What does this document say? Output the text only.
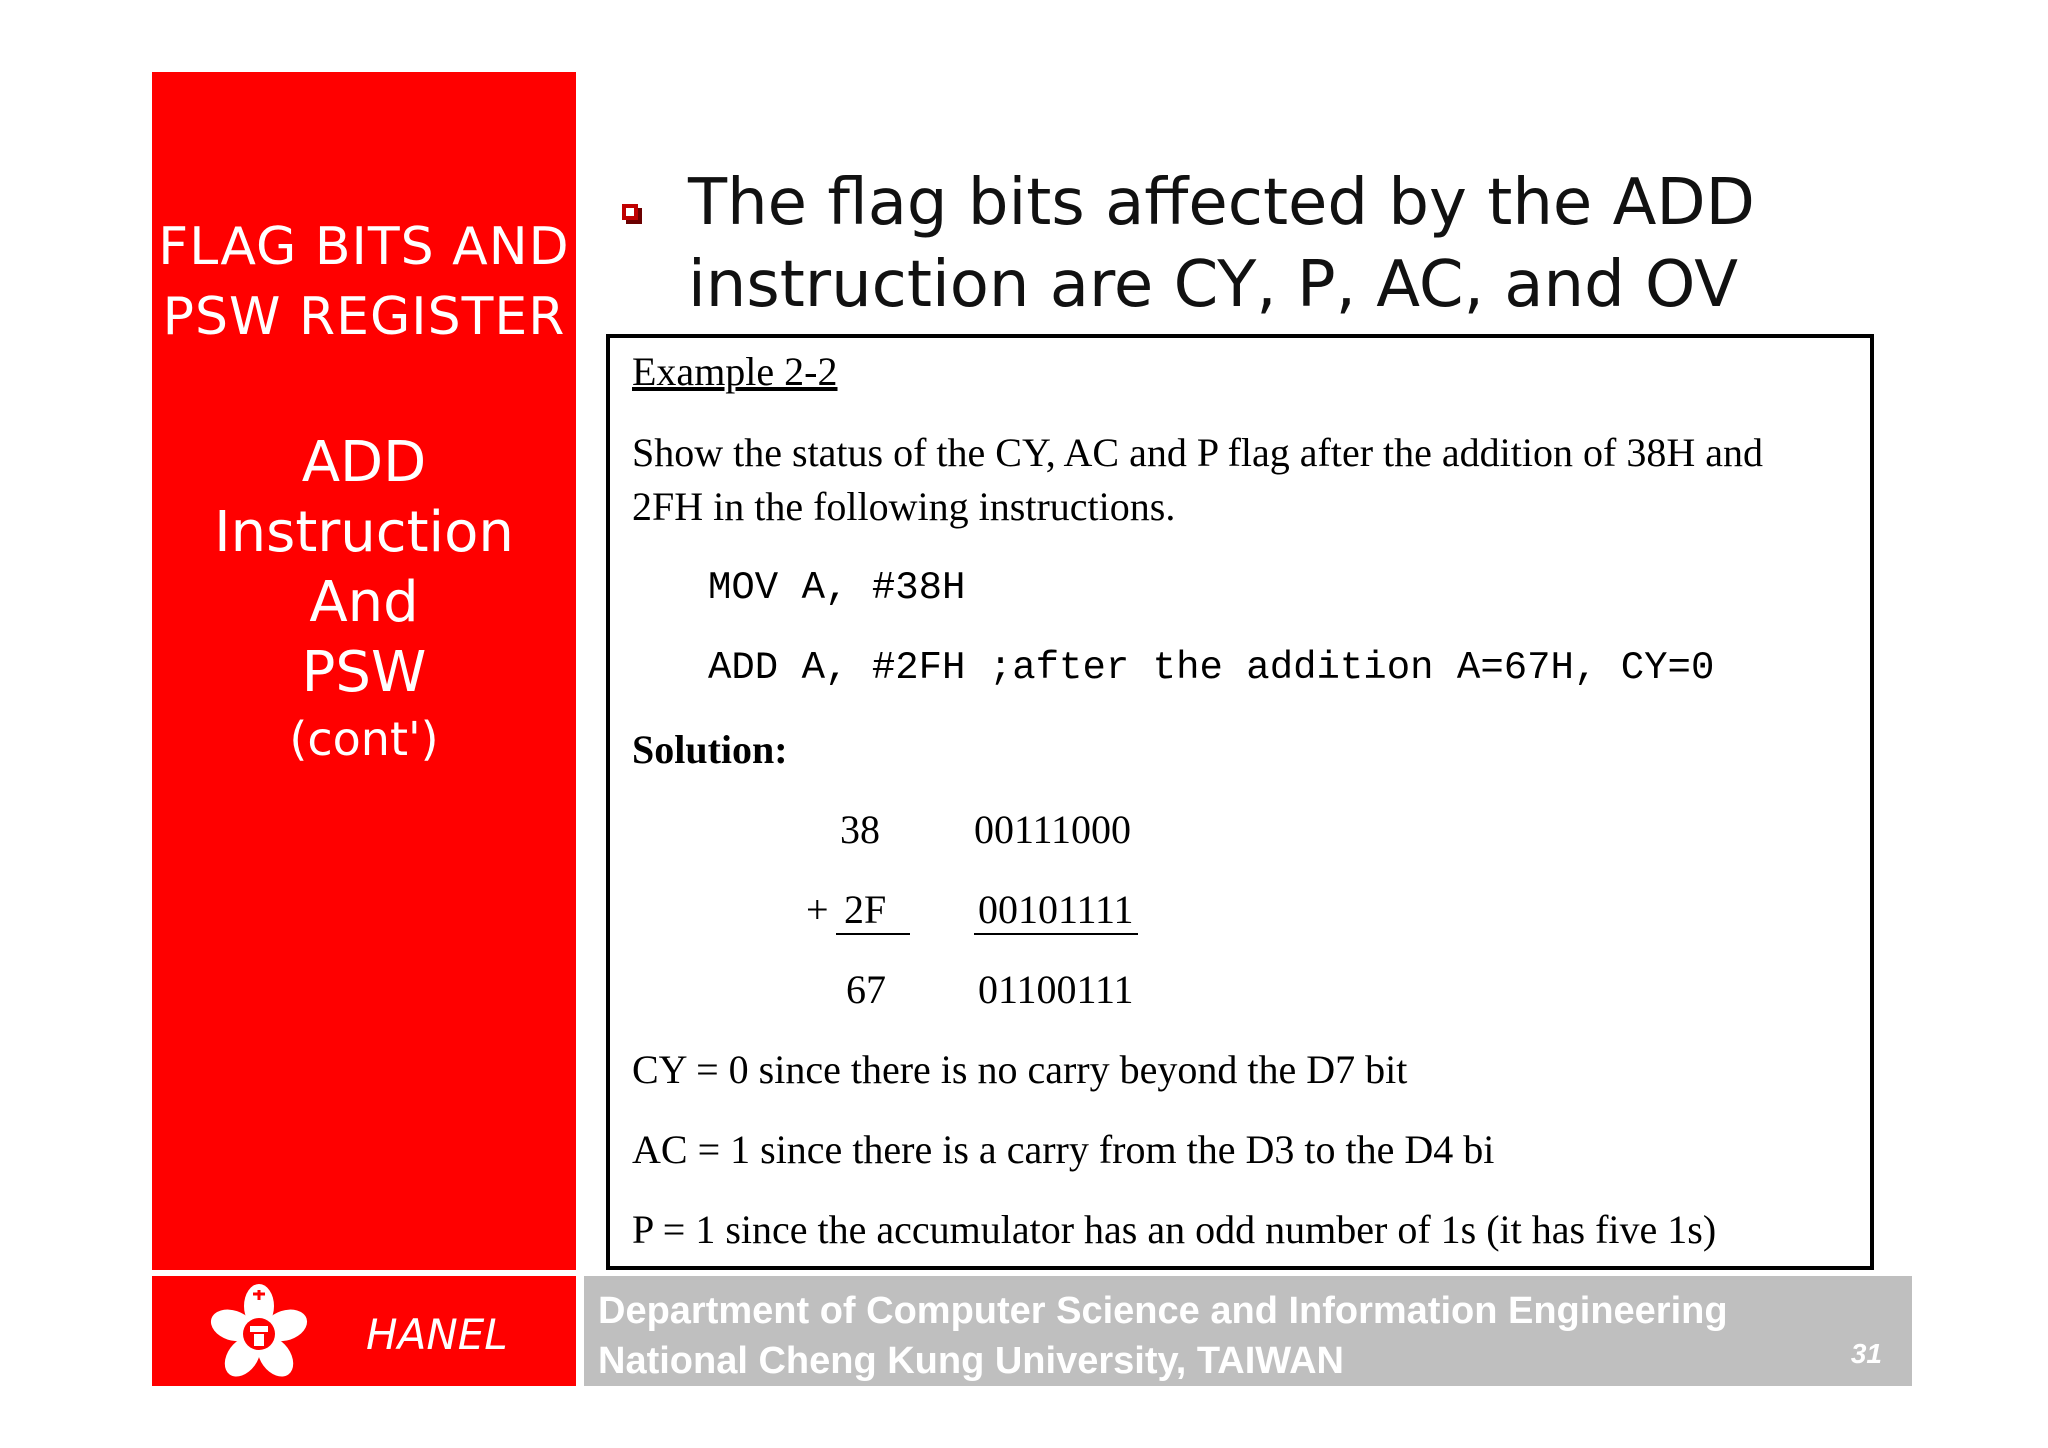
FLAG BITS AND
PSW REGISTER
ADD
Instruction And
PSW
(cont')
The flag bits affected by the ADD
instruction are CY, P, AC, and OV
Example 2-2
Show the status of the CY, AC and P flag after the addition of 38H and 2FH in the following instructions.
MOV A, #38H
ADD A, #2FH ;after the addition A=67H, CY=0
Solution:
38 00111000
+ 2F	00101111
67 01100111
CY = 0 since there is no carry beyond the D7 bit
AC = 1 since there is a carry from the D3 to the D4 bi
P = 1 since the accumulator has an odd number of 1s (it has five 1s)
HANEL Department of Computer Science and Information Engineering
National Cheng Kung University, TAIWAN	31
